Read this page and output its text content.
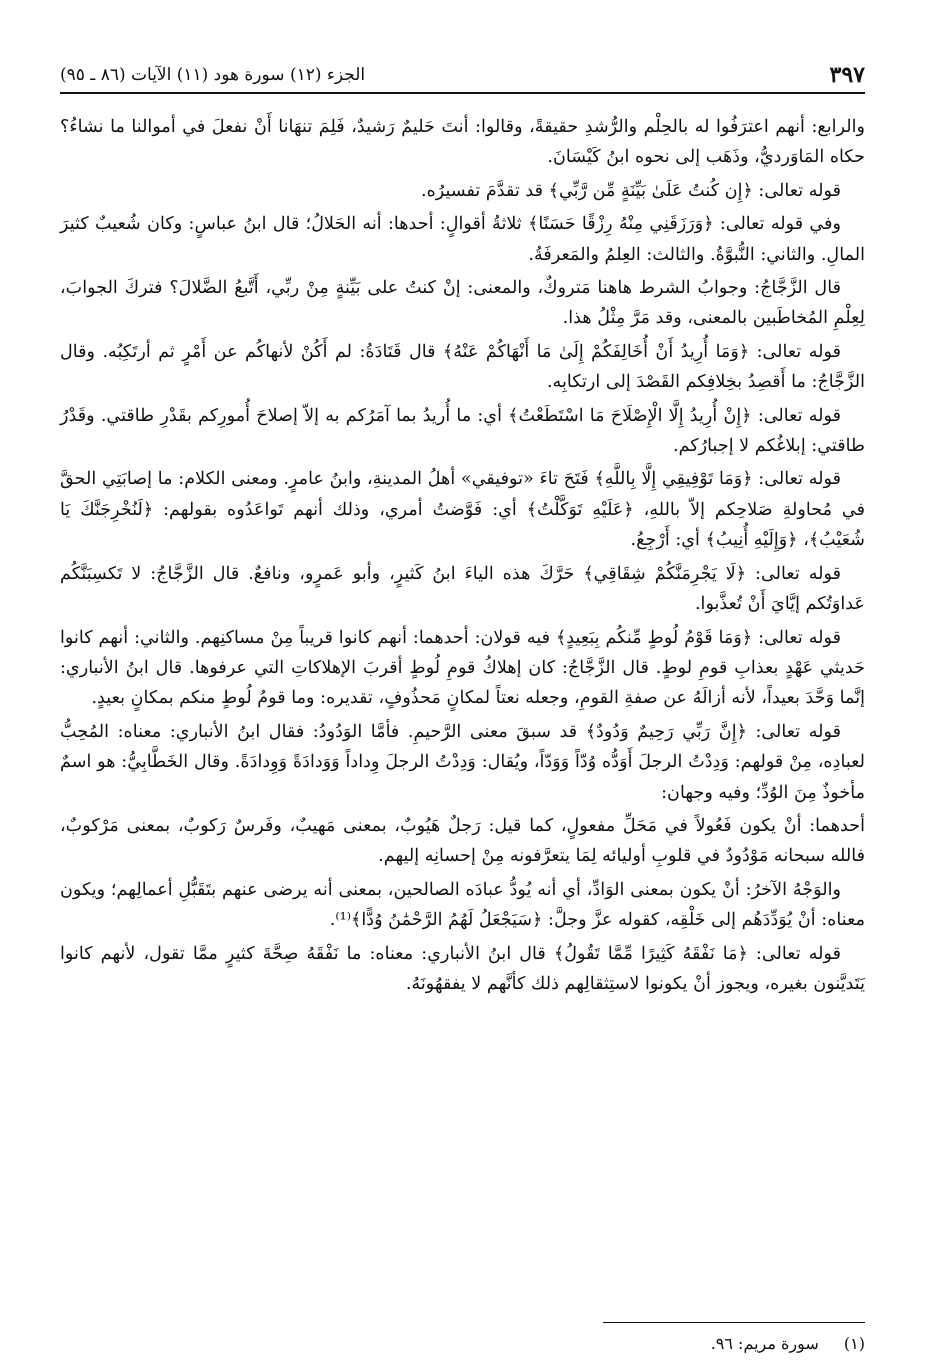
الجزء (١٢) سورة هود (١١) الآيات (٨٦ ـ ٩٥)	٣٩٧

والرابع: أنهم اعترَفُوا له بالحِلْم والرُّشدِ حقيقةً، وقالوا: أنتَ حَليمٌ رَشيدٌ، فَلِمَ تنهَانا أَنْ نفعلَ في أموالنا ما نشاءُ؟ حكاه المَاوَرديُّ، وذَهَب إلى نحوه ابنُ كَيْسَانَ.

قوله تعالى: ﴿إِن كُنتُ عَلَىٰ بَيِّنَةٍ مِّن رَّبِّي﴾ قد تقدَّمَ تفسيرُه.

وفي قوله تعالى: ﴿وَرَزَقَنِي مِنْهُ رِزْقًا حَسَنًا﴾ ثلاثةُ أقوالٍ: أحدها: أنه الحَلالُ؛ قال ابنُ عباسٍ: وكان شُعيبٌ كثيرَ المالِ. والثاني: النُّبوَّةُ. والثالث: العِلمُ والمَعرفَةُ.

قال الزَّجَّاجُ: وجوابُ الشرط هاهنا مَتروكٌ، والمعنى: إنْ كنتُ على بَيِّنةٍ مِنْ ربِّي، أَتَّبعُ الضَّلالَ؟ فتركَ الجوابَ، لِعِلْمِ المُخاطَبين بالمعنى، وقد مَرَّ مِثْلُ هذا.

قوله تعالى: ﴿وَمَا أُرِيدُ أَنْ أُخَالِفَكُمْ إِلَىٰ مَا أَنْهَاكُمْ عَنْهُ﴾ قال قَتَادَةُ: لم أَكُنْ لأنهاكُم عن أَمْرٍ ثم أرتَكِبُه. وقال الزَّجَّاجُ: ما أَقصِدُ بخِلافِكم القَصْدَ إلى ارتكابِه.

قوله تعالى: ﴿إِنْ أُرِيدُ إِلَّا الْإِصْلَاحَ مَا اسْتَطَعْتُ﴾ أي: ما أُريدُ بما آمَرُكم به إلاّ إصلاحَ أُمورِكم بقَدْرِ طاقتي. وقَدْرُ طاقتي: إبلاغُكم لا إجبارُكم.

قوله تعالى: ﴿وَمَا تَوْفِيقِي إِلَّا بِاللَّهِ﴾ فَتَحَ تاءَ «توفيقي» أهلُ المدينةِ، وابنُ عامرٍ. ومعنى الكلام: ما إصابَتِي الحقَّ في مُحاولةِ صَلاحِكم إلاّ باللهِ، ﴿عَلَيْهِ تَوَكَّلْتُ﴾ أي: فَوَّضتُ أمري، وذلك أنهم تَواعَدُوه بقولهم: ﴿لَنُخْرِجَنَّكَ يَا شُعَيْبُ﴾، ﴿وَإِلَيْهِ أُنِيبُ﴾ أي: أَرْجِعُ.

قوله تعالى: ﴿لَا يَجْرِمَنَّكُمْ شِقَاقِي﴾ حَرَّكَ هذه الياءَ ابنُ كَثيرٍ، وأبو عَمرٍو، ونافعٌ. قال الزَّجَّاجُ: لا تَكسِبَنَّكُم عَداوَتُكم إيَّايَ أَنْ تُعذَّبوا.

قوله تعالى: ﴿وَمَا قَوْمُ لُوطٍ مِّنكُم بِبَعِيدٍ﴾ فيه قولان: أحدهما: أنهم كانوا قريباً مِنْ مساكنِهم. والثاني: أنهم كانوا حَديثي عَهْدٍ بعذابِ قومِ لوطٍ. قال الزَّجَّاجُ: كان إهلاكُ قومِ لُوطٍ أقربَ الإهلاكاتِ التي عرفوها. قال ابنُ الأنباري: إنَّما وَحَّدَ بعيداً، لأنه أزالَهُ عن صفةِ القومِ، وجعله نعتاً لمكانٍ مَحذُوفٍ، تقديره: وما قومُ لُوطٍ منكم بمكانٍ بعيدٍ.

قوله تعالى: ﴿إِنَّ رَبِّي رَحِيمٌ وَدُودٌ﴾ قد سبقَ معنى الرَّحيمِ. فأمَّا الوَدُودُ: فقال ابنُ الأنباري: معناه: المُحِبُّ لعبادِه، مِنْ قولهم: وَدِدْتُ الرجلَ أَوَدُّه وُدّاً وَوَدّاً، ويُقال: وَدِدْتُ الرجلَ وِداداً وَوَدادَةً وَوِدادَةً. وقال الخَطَّابِيُّ: هو اسمٌ مأخوذٌ مِنَ الوُدِّ؛ وفيه وجهان:

أحدهما: أنْ يكون فَعُولاً في مَحَلِّ مفعولٍ، كما قيل: رَجلٌ هَيُوبٌ، بمعنى مَهيبٌ، وفَرسٌ رَكوبٌ، بمعنى مَرْكوبٌ، فالله سبحانه مَوْدُودٌ في قلوبِ أوليائه لِمَا يتعرَّفونه مِنْ إحسانِه إليهم.

والوَجْهُ الآخرُ: أنْ يكون بمعنى الوَادِّ، أي أنه يُودُّ عبادَه الصالحين، بمعنى أنه يرضى عنهم بتَقَبُّلِ أعمالِهم؛ ويكون معناه: أنْ يُوَدِّدَهُم إلى خَلْقِه، كقوله عزَّ وجلَّ: ﴿سَيَجْعَلُ لَهُمُ الرَّحْمَٰنُ وُدًّا﴾⁽¹⁾.

قوله تعالى: ﴿مَا نَفْقَهُ كَثِيرًا مِّمَّا تَقُولُ﴾ قال ابنُ الأنباري: معناه: ما نَفْقَهُ صِحَّةَ كثيرٍ ممَّا تقول، لأنهم كانوا يَتَديَّنون بغيره، ويجوز أنْ يكونوا لاستِثقالِهم ذلك كأنَّهم لا يفقهُونَهُ.

(١) سورة مريم: ٩٦.
